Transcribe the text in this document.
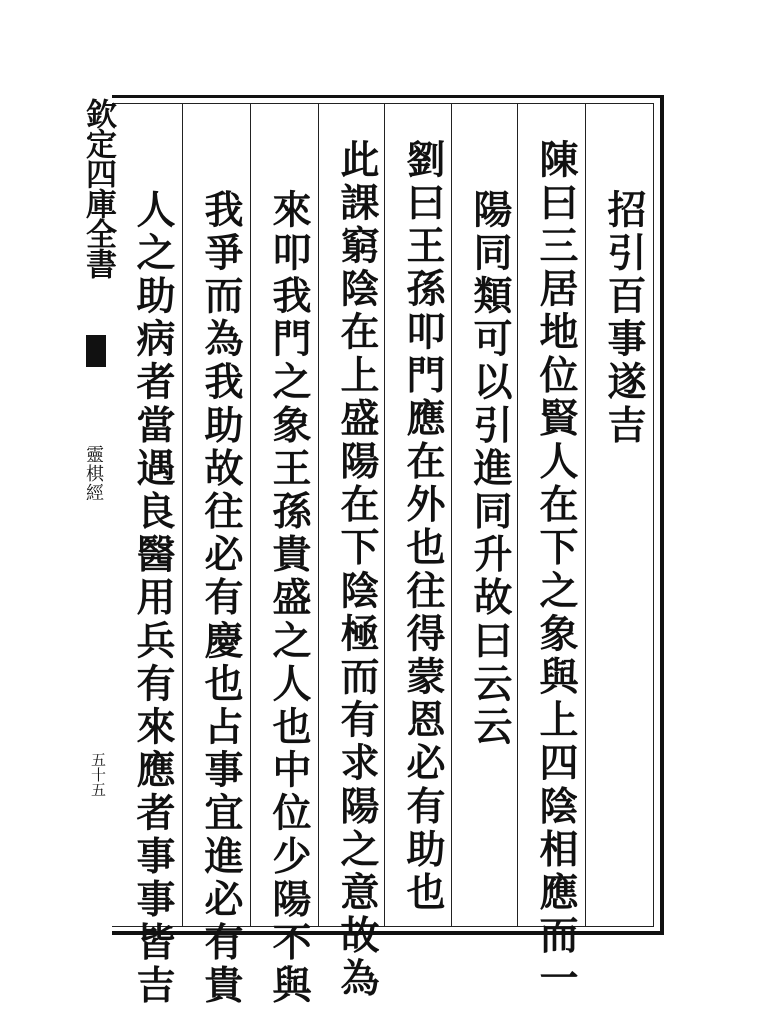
欽定四庫全書
靈棋經
五十五
招引百事遂吉
陳曰三居地位賢人在下之象與上四陰相應而一
陽同類可以引進同升故曰云云
劉曰王孫叩門應在外也往得蒙恩必有助也
此課窮陰在上盛陽在下陰極而有求陽之意故為
來叩我門之象王孫貴盛之人也中位少陽不與
我爭而為我助故往必有慶也占事宜進必有貴
人之助病者當遇良醫用兵有來應者事事皆吉
